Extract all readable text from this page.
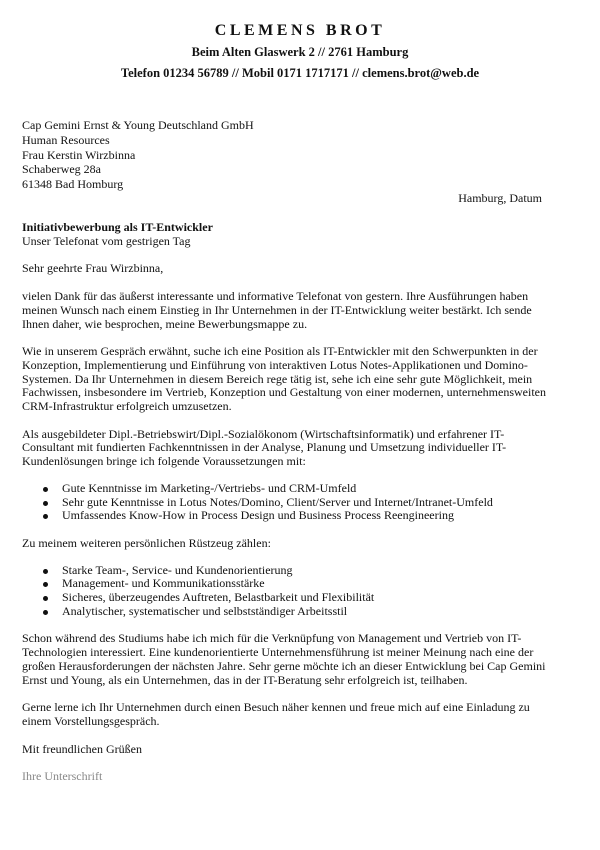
CLEMENS BROT
Beim Alten Glaswerk 2 // 2761 Hamburg
Telefon 01234 56789 // Mobil 0171 1717171 // clemens.brot@web.de
Cap Gemini Ernst & Young Deutschland GmbH
Human Resources
Frau Kerstin Wirzbinna
Schaberweg 28a
61348 Bad Homburg
Hamburg, Datum

Initiativbewerbung als IT-Entwickler

Unser Telefonat vom gestrigen Tag

Sehr geehrte Frau Wirzbinna,

vielen Dank für das äußerst interessante und informative Telefonat von gestern. Ihre Ausführungen haben meinen Wunsch nach einem Einstieg in Ihr Unternehmen in der IT-Entwicklung weiter bestärkt. Ich sende Ihnen daher, wie besprochen, meine Bewerbungsmappe zu.

Wie in unserem Gespräch erwähnt, suche ich eine Position als IT-Entwickler mit den Schwerpunkten in der Konzeption, Implementierung und Einführung von interaktiven Lotus Notes-Applikationen und Domino-Systemen. Da Ihr Unternehmen in diesem Bereich rege tätig ist, sehe ich eine sehr gute Möglichkeit, mein Fachwissen, insbesondere im Vertrieb, Konzeption und Gestaltung von einer modernen, unternehmensweiten CRM-Infrastruktur erfolgreich umzusetzen.

Als ausgebildeter Dipl.-Betriebswirt/Dipl.-Sozialökonom (Wirtschaftsinformatik) und erfahrener IT-Consultant mit fundierten Fachkenntnissen in der Analyse, Planung und Umsetzung individueller IT-Kundenlösungen bringe ich folgende Voraussetzungen mit:

Gute Kenntnisse im Marketing-/Vertriebs- und CRM-Umfeld
Sehr gute Kenntnisse in Lotus Notes/Domino, Client/Server und Internet/Intranet-Umfeld
Umfassendes Know-How in Process Design und Business Process Reengineering

Zu meinem weiteren persönlichen Rüstzeug zählen:

Starke Team-, Service- und Kundenorientierung
Management- und Kommunikationsstärke
Sicheres, überzeugendes Auftreten, Belastbarkeit und Flexibilität
Analytischer, systematischer und selbstständiger Arbeitsstil

Schon während des Studiums habe ich mich für die Verknüpfung von Management und Vertrieb von IT-Technologien interessiert. Eine kundenorientierte Unternehmensführung ist meiner Meinung nach eine der großen Herausforderungen der nächsten Jahre. Sehr gerne möchte ich an dieser Entwicklung bei Cap Gemini Ernst und Young, als ein Unternehmen, das in der IT-Beratung sehr erfolgreich ist, teilhaben.

Gerne lerne ich Ihr Unternehmen durch einen Besuch näher kennen und freue mich auf eine Einladung zu einem Vorstellungsgespräch.

Mit freundlichen Grüßen

Ihre Unterschrift
